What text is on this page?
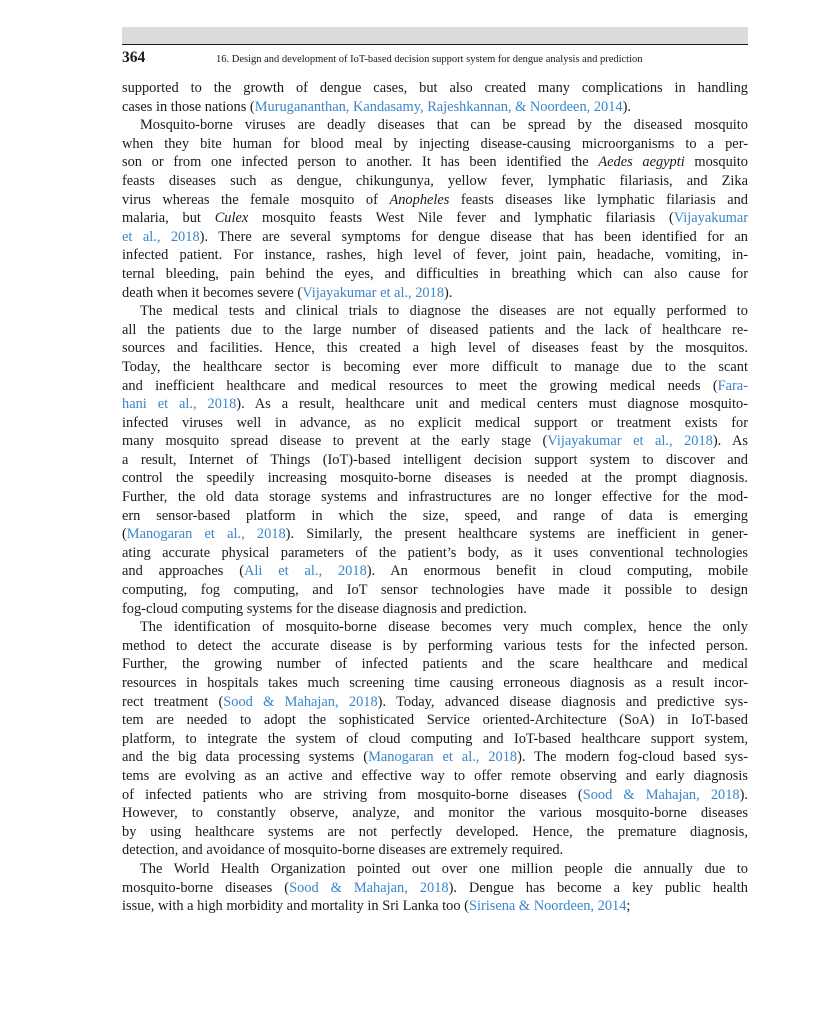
364	16. Design and development of IoT-based decision support system for dengue analysis and prediction
supported to the growth of dengue cases, but also created many complications in handling
cases in those nations (Murugananthan, Kandasamy, Rajeshkannan, & Noordeen, 2014).
Mosquito-borne viruses are deadly diseases that can be spread by the diseased mosquito
when they bite human for blood meal by injecting disease-causing microorganisms to a per-
son or from one infected person to another. It has been identified the Aedes aegypti mosquito
feasts diseases such as dengue, chikungunya, yellow fever, lymphatic filariasis, and Zika
virus whereas the female mosquito of Anopheles feasts diseases like lymphatic filariasis and
malaria, but Culex mosquito feasts West Nile fever and lymphatic filariasis (Vijayakumar
et al., 2018). There are several symptoms for dengue disease that has been identified for an
infected patient. For instance, rashes, high level of fever, joint pain, headache, vomiting, in-
ternal bleeding, pain behind the eyes, and difficulties in breathing which can also cause for
death when it becomes severe (Vijayakumar et al., 2018).
The medical tests and clinical trials to diagnose the diseases are not equally performed to
all the patients due to the large number of diseased patients and the lack of healthcare re-
sources and facilities. Hence, this created a high level of diseases feast by the mosquitos.
Today, the healthcare sector is becoming ever more difficult to manage due to the scant
and inefficient healthcare and medical resources to meet the growing medical needs (Fara-
hani et al., 2018). As a result, healthcare unit and medical centers must diagnose mosquito-
infected viruses well in advance, as no explicit medical support or treatment exists for
many mosquito spread disease to prevent at the early stage (Vijayakumar et al., 2018). As
a result, Internet of Things (IoT)-based intelligent decision support system to discover and
control the speedily increasing mosquito-borne diseases is needed at the prompt diagnosis.
Further, the old data storage systems and infrastructures are no longer effective for the mod-
ern sensor-based platform in which the size, speed, and range of data is emerging
(Manogaran et al., 2018). Similarly, the present healthcare systems are inefficient in gener-
ating accurate physical parameters of the patient’s body, as it uses conventional technologies
and approaches (Ali et al., 2018). An enormous benefit in cloud computing, mobile
computing, fog computing, and IoT sensor technologies have made it possible to design
fog-cloud computing systems for the disease diagnosis and prediction.
The identification of mosquito-borne disease becomes very much complex, hence the only
method to detect the accurate disease is by performing various tests for the infected person.
Further, the growing number of infected patients and the scare healthcare and medical
resources in hospitals takes much screening time causing erroneous diagnosis as a result incor-
rect treatment (Sood & Mahajan, 2018). Today, advanced disease diagnosis and predictive sys-
tem are needed to adopt the sophisticated Service oriented-Architecture (SoA) in IoT-based
platform, to integrate the system of cloud computing and IoT-based healthcare support system,
and the big data processing systems (Manogaran et al., 2018). The modern fog-cloud based sys-
tems are evolving as an active and effective way to offer remote observing and early diagnosis
of infected patients who are striving from mosquito-borne diseases (Sood & Mahajan, 2018).
However, to constantly observe, analyze, and monitor the various mosquito-borne diseases
by using healthcare systems are not perfectly developed. Hence, the premature diagnosis,
detection, and avoidance of mosquito-borne diseases are extremely required.
The World Health Organization pointed out over one million people die annually due to
mosquito-borne diseases (Sood & Mahajan, 2018). Dengue has become a key public health
issue, with a high morbidity and mortality in Sri Lanka too (Sirisena & Noordeen, 2014;
